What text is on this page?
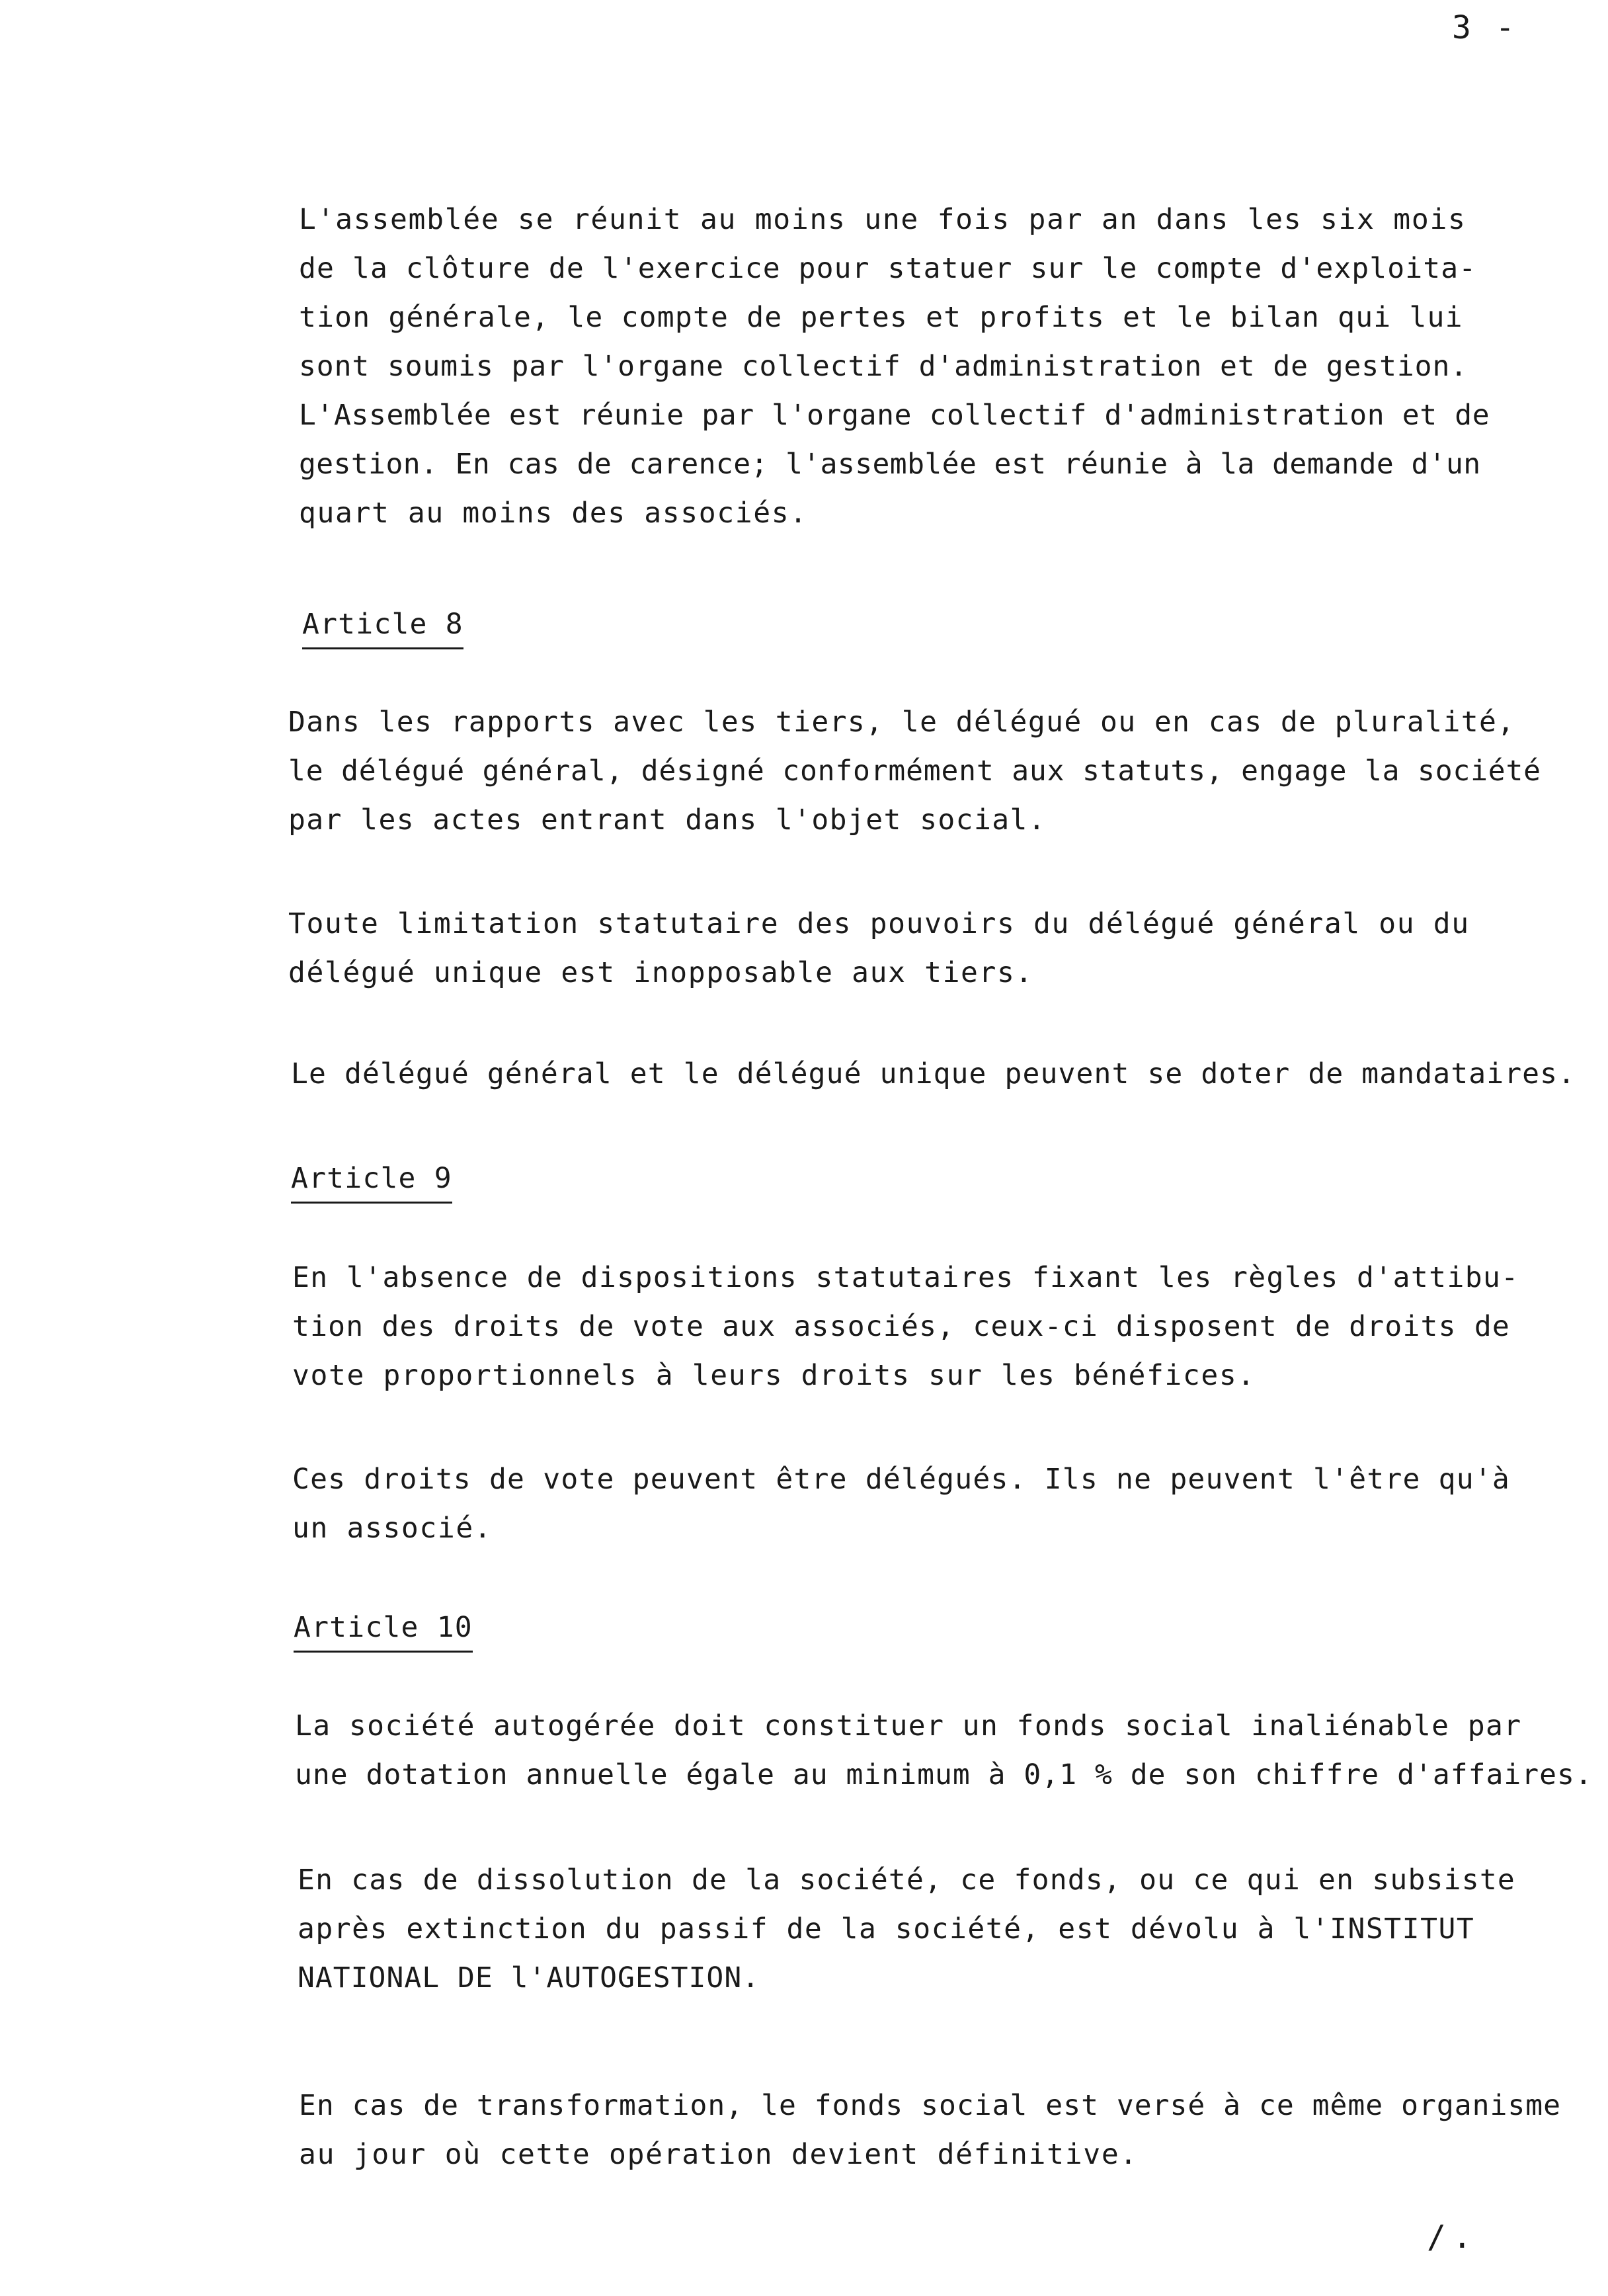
3 -
L'assemblée se réunit au moins une fois par an dans les six mois
de la clôture de l'exercice pour statuer sur le compte d'exploita-
tion générale, le compte de pertes et profits et le bilan qui lui
sont soumis par l'organe collectif d'administration et de gestion.
L'Assemblée est réunie par l'organe collectif d'administration et de
gestion. En cas de carence; l'assemblée est réunie à la demande d'un
quart au moins des associés.
Article 8
Dans les rapports avec les tiers, le délégué ou en cas de pluralité,
le délégué général, désigné conformément aux statuts, engage la société
par les actes entrant dans l'objet social.
Toute limitation statutaire des pouvoirs du délégué général ou du
délégué unique est inopposable aux tiers.
Le délégué général et le délégué unique peuvent se doter de mandataires.
Article 9
En l'absence de dispositions statutaires fixant les règles d'attibu-
tion des droits de vote aux associés, ceux-ci disposent de droits de
vote proportionnels à leurs droits sur les bénéfices.
Ces droits de vote peuvent être délégués. Ils ne peuvent l'être qu'à
un associé.
Article 10
La société autogérée doit constituer un fonds social inaliénable par
une dotation annuelle égale au minimum à 0,1 % de son chiffre d'affaires.
En cas de dissolution de la société, ce fonds, ou ce qui en subsiste
après extinction du passif de la société, est dévolu à l'INSTITUT
NATIONAL DE l'AUTOGESTION.
En cas de transformation, le fonds social est versé à ce même organisme
au jour où cette opération devient définitive.
/.
